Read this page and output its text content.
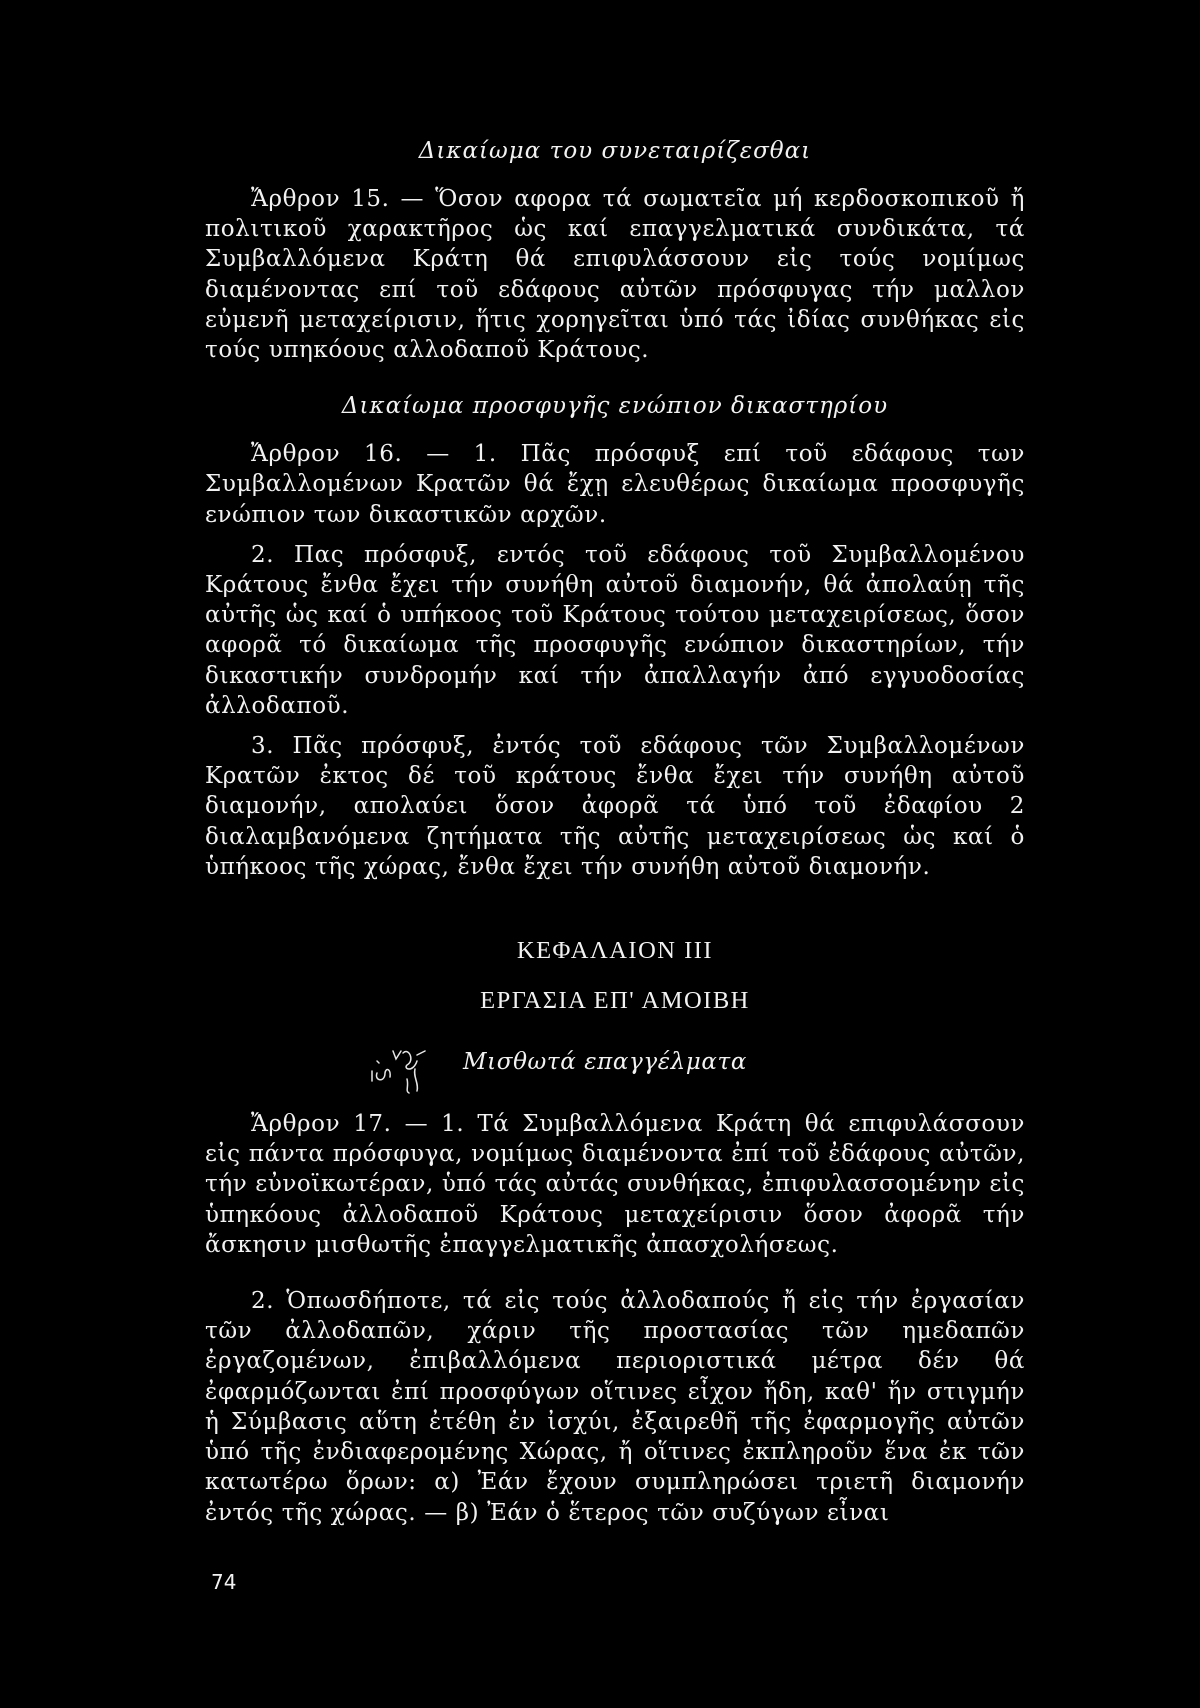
Δικαίωμα του συνεταιρίζεσθαι

Ἄρθρον 15. — Ὅσον αφορα τά σωματεῖα μή κερδοσκοπικοῦ ἤ πολιτικοῦ χαρακτῆρος ὡς καί επαγγελματικά συνδικάτα, τά Συμβαλλόμενα Κράτη θά επιφυλάσσουν εἰς τούς νομίμως διαμένοντας επί τοῦ εδάφους αὐτῶν πρόσφυγας τήν μαλλον εὐμενῆ μεταχείρισιν, ἥτις χορηγεῖται ὑπό τάς ἰδίας συνθήκας εἰς τούς υπηκόους αλλοδαποῦ Κράτους.

Δικαίωμα προσφυγῆς ενώπιον δικαστηρίου

Ἄρθρον 16. — 1. Πᾶς πρόσφυξ επί τοῦ εδάφους των Συμβαλλομένων Κρατῶν θά ἔχῃ ελευθέρως δικαίωμα προσφυγῆς ενώπιον των δικαστικῶν αρχῶν.

2. Πας πρόσφυξ, εντός τοῦ εδάφους τοῦ Συμβαλλομένου Κράτους ἔνθα ἔχει τήν συνήθη αὐτοῦ διαμονήν, θά ἀπολαύῃ τῆς αὐτῆς ὡς καί ὁ υπήκοος τοῦ Κράτους τούτου μεταχειρίσεως, ὅσον αφορᾶ τό δικαίωμα τῆς προσφυγῆς ενώπιον δικαστηρίων, τήν δικαστικήν συνδρομήν καί τήν ἀπαλλαγήν ἀπό εγγυοδοσίας ἀλλοδαποῦ.

3. Πᾶς πρόσφυξ, ἐντός τοῦ εδάφους τῶν Συμβαλλομένων Κρατῶν ἐκτος δέ τοῦ κράτους ἔνθα ἔχει τήν συνήθη αὐτοῦ διαμονήν, απολαύει ὅσον ἀφορᾶ τά ὑπό τοῦ ἐδαφίου 2 διαλαμβανόμενα ζητήματα τῆς αὐτῆς μεταχειρίσεως ὡς καί ὁ ὑπήκοος τῆς χώρας, ἔνθα ἔχει τήν συνήθη αὐτοῦ διαμονήν.

ΚΕΦΑΛΑΙΟΝ III

ΕΡΓΑΣΙΑ ΕΠ' ΑΜΟΙΒΗ

Μισθωτά επαγγέλματα

Ἄρθρον 17. — 1. Τά Συμβαλλόμενα Κράτη θά επιφυλάσσουν εἰς πάντα πρόσφυγα, νομίμως διαμένοντα ἐπί τοῦ ἐδάφους αὐτῶν, τήν εὐνοϊκωτέραν, ὑπό τάς αὐτάς συνθήκας, ἐπιφυλασσομένην εἰς ὑπηκόους ἀλλοδαποῦ Κράτους μεταχείρισιν ὅσον ἀφορᾶ τήν ἄσκησιν μισθωτῆς ἐπαγγελματικῆς ἀπασχολήσεως.

2. Ὁπωσδήποτε, τά εἰς τούς ἀλλοδαπούς ἤ εἰς τήν ἐργασίαν τῶν ἀλλοδαπῶν, χάριν τῆς προστασίας τῶν ημεδαπῶν ἐργαζομένων, ἐπιβαλλόμενα περιοριστικά μέτρα δέν θά ἐφαρμόζωνται ἐπί προσφύγων οἵτινες εἶχον ἤδη, καθ' ἥν στιγμήν ἡ Σύμβασις αὕτη ἐτέθη ἐν ἰσχύι, ἐξαιρεθῆ τῆς ἐφαρμογῆς αὐτῶν ὑπό τῆς ἐνδιαφερομένης Χώρας, ἤ οἵτινες ἐκπληροῦν ἕνα ἐκ τῶν κατωτέρω ὅρων: α) Ἐάν ἔχουν συμπληρώσει τριετῆ διαμονήν ἐντός τῆς χώρας. — β) Ἐάν ὁ ἕτερος τῶν συζύγων εἶναι

74
